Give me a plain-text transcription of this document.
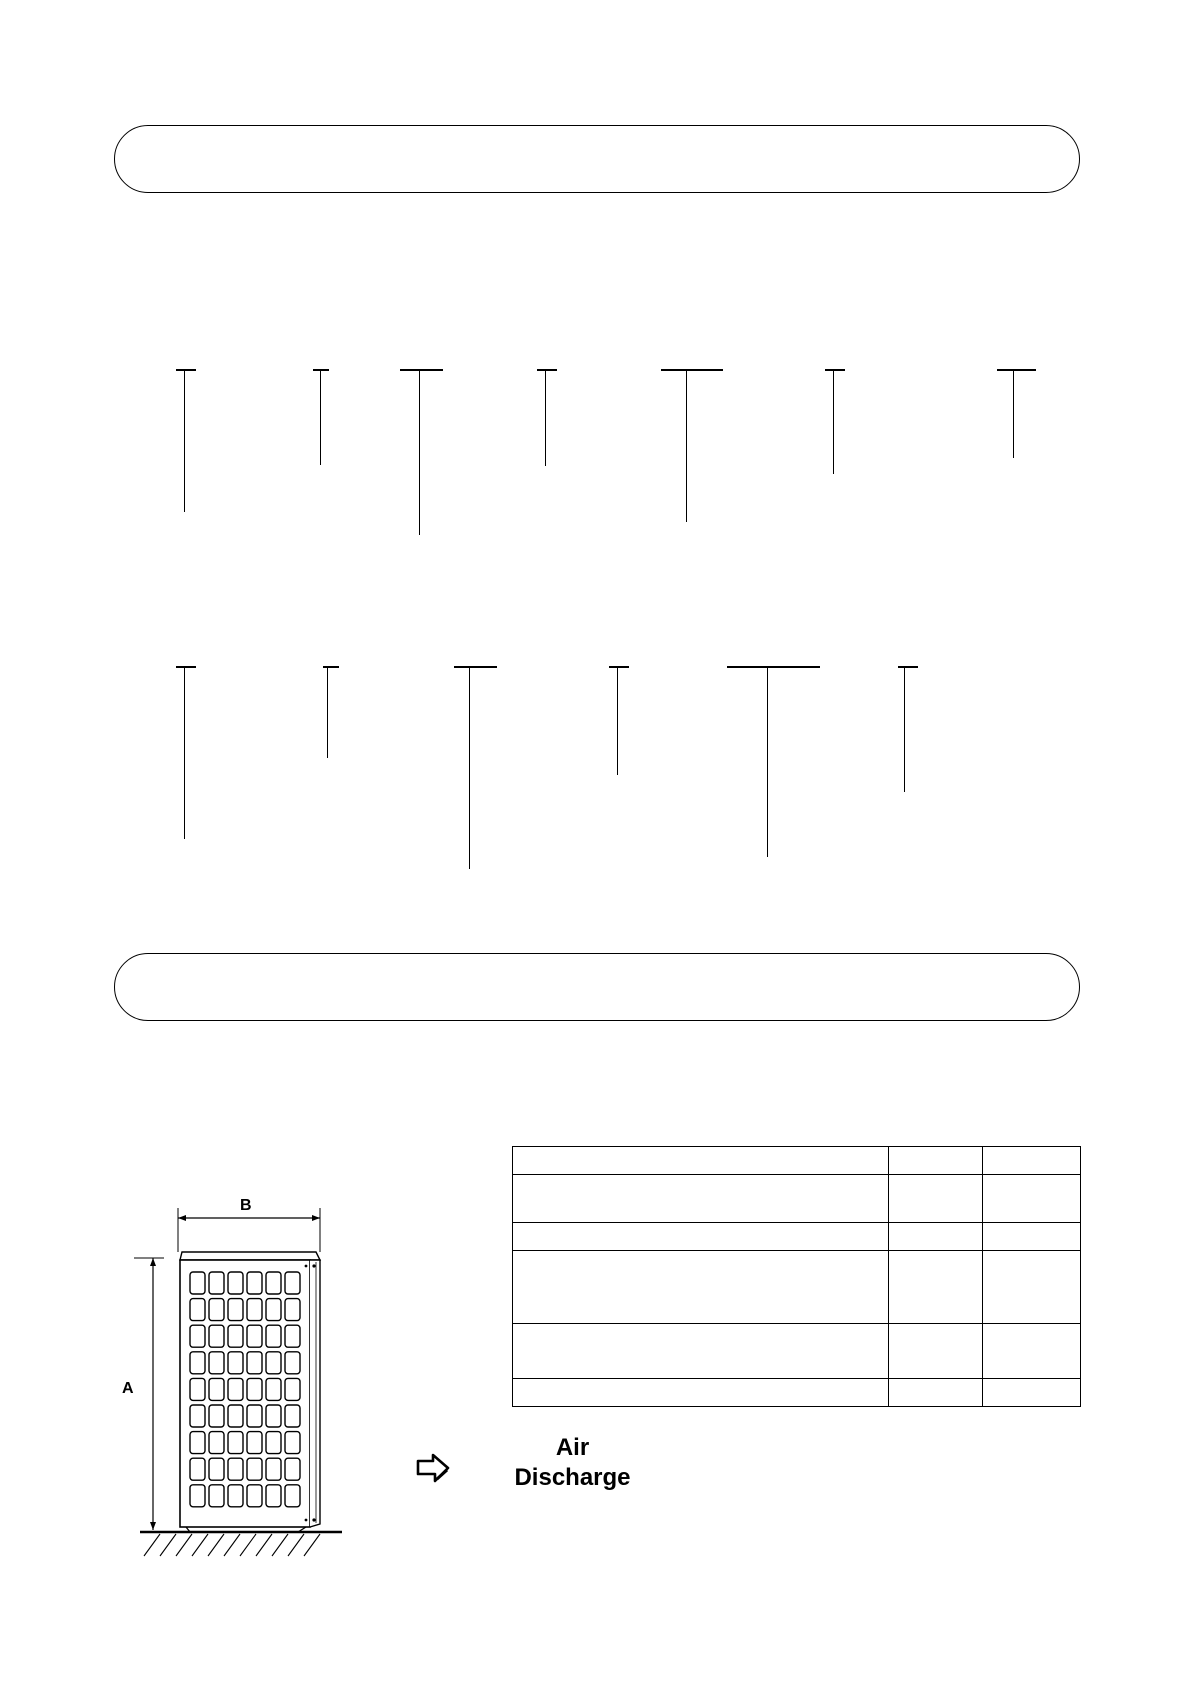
B
A

Air
Discharge
